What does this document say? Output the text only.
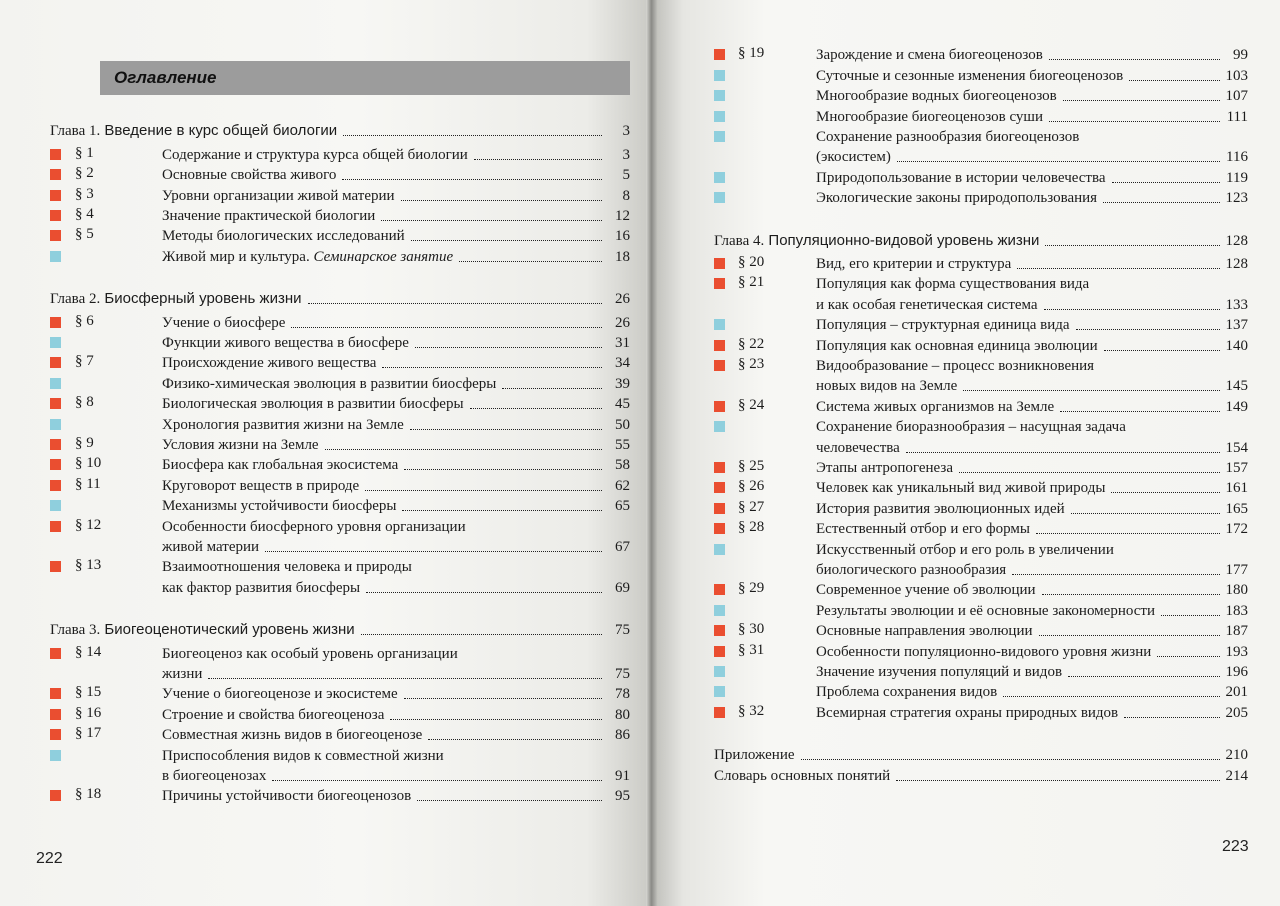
Оглавление
Глава 1. Введение в курс общей биологии	3
§ 1	Содержание и структура курса общей биологии	3
§ 2	Основные свойства живого	5
§ 3	Уровни организации живой материи	8
§ 4	Значение практической биологии	12
§ 5	Методы биологических исследований	16
Живой мир и культура. Семинарское занятие	18
Глава 2. Биосферный уровень жизни	26
§ 6	Учение о биосфере	26
Функции живого вещества в биосфере	31
§ 7	Происхождение живого вещества	34
Физико-химическая эволюция в развитии биосферы	39
§ 8	Биологическая эволюция в развитии биосферы	45
Хронология развития жизни на Земле	50
§ 9	Условия жизни на Земле	55
§ 10	Биосфера как глобальная экосистема	58
§ 11	Круговорот веществ в природе	62
Механизмы устойчивости биосферы	65
§ 12	Особенности биосферного уровня организации
живой материи	67
§ 13	Взаимоотношения человека и природы
как фактор развития биосферы	69
Глава 3. Биогеоценотический уровень жизни	75
§ 14	Биогеоценоз как особый уровень организации
жизни	75
§ 15	Учение о биогеоценозе и экосистеме	78
§ 16	Строение и свойства биогеоценоза	80
§ 17	Совместная жизнь видов в биогеоценозе	86
Приспособления видов к совместной жизни
в биогеоценозах	91
§ 18	Причины устойчивости биогеоценозов	95
222
§ 19	Зарождение и смена биогеоценозов	99
Суточные и сезонные изменения биогеоценозов	103
Многообразие водных биогеоценозов	107
Многообразие биогеоценозов суши	111
Сохранение разнообразия биогеоценозов
(экосистем)	116
Природопользование в истории человечества	119
Экологические законы природопользования	123
Глава 4. Популяционно-видовой уровень жизни	128
§ 20	Вид, его критерии и структура	128
§ 21	Популяция как форма существования вида
и как особая генетическая система	133
Популяция – структурная единица вида	137
§ 22	Популяция как основная единица эволюции	140
§ 23	Видообразование – процесс возникновения
новых видов на Земле	145
§ 24	Система живых организмов на Земле	149
Сохранение биоразнообразия – насущная задача
человечества	154
§ 25	Этапы антропогенеза	157
§ 26	Человек как уникальный вид живой природы	161
§ 27	История развития эволюционных идей	165
§ 28	Естественный отбор и его формы	172
Искусственный отбор и его роль в увеличении
биологического разнообразия	177
§ 29	Современное учение об эволюции	180
Результаты эволюции и её основные закономерности	183
§ 30	Основные направления эволюции	187
§ 31	Особенности популяционно-видового уровня жизни	193
Значение изучения популяций и видов	196
Проблема сохранения видов	201
§ 32	Всемирная стратегия охраны природных видов	205
Приложение	210
Словарь основных понятий	214
223
